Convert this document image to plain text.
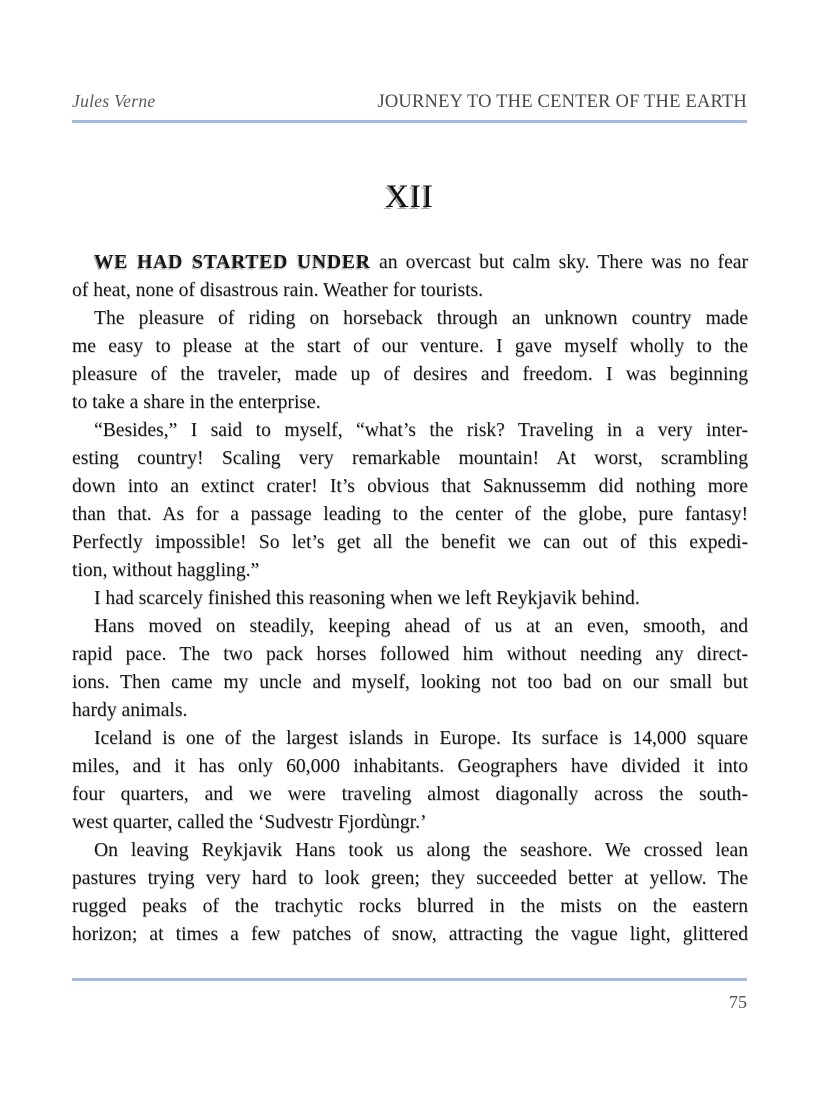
Jules Verne	JOURNEY TO THE CENTER OF THE EARTH
XII
WE HAD STARTED UNDER an overcast but calm sky. There was no fear
of heat, none of disastrous rain. Weather for tourists.
The pleasure of riding on horseback through an unknown country made
me easy to please at the start of our venture. I gave myself wholly to the
pleasure of the traveler, made up of desires and freedom. I was beginning
to take a share in the enterprise.
“Besides,” I said to myself, “what’s the risk? Traveling in a very inter-
esting country! Scaling very remarkable mountain! At worst, scrambling
down into an extinct crater! It’s obvious that Saknussemm did nothing more
than that. As for a passage leading to the center of the globe, pure fantasy!
Perfectly impossible! So let’s get all the benefit we can out of this expedi-
tion, without haggling.”
I had scarcely finished this reasoning when we left Reykjavik behind.
Hans moved on steadily, keeping ahead of us at an even, smooth, and
rapid pace. The two pack horses followed him without needing any direct-
ions. Then came my uncle and myself, looking not too bad on our small but
hardy animals.
Iceland is one of the largest islands in Europe. Its surface is 14,000 square
miles, and it has only 60,000 inhabitants. Geographers have divided it into
four quarters, and we were traveling almost diagonally across the south-
west quarter, called the ‘Sudvestr Fjordùngr.’
On leaving Reykjavik Hans took us along the seashore. We crossed lean
pastures trying very hard to look green; they succeeded better at yellow. The
rugged peaks of the trachytic rocks blurred in the mists on the eastern
horizon; at times a few patches of snow, attracting the vague light, glittered
75
